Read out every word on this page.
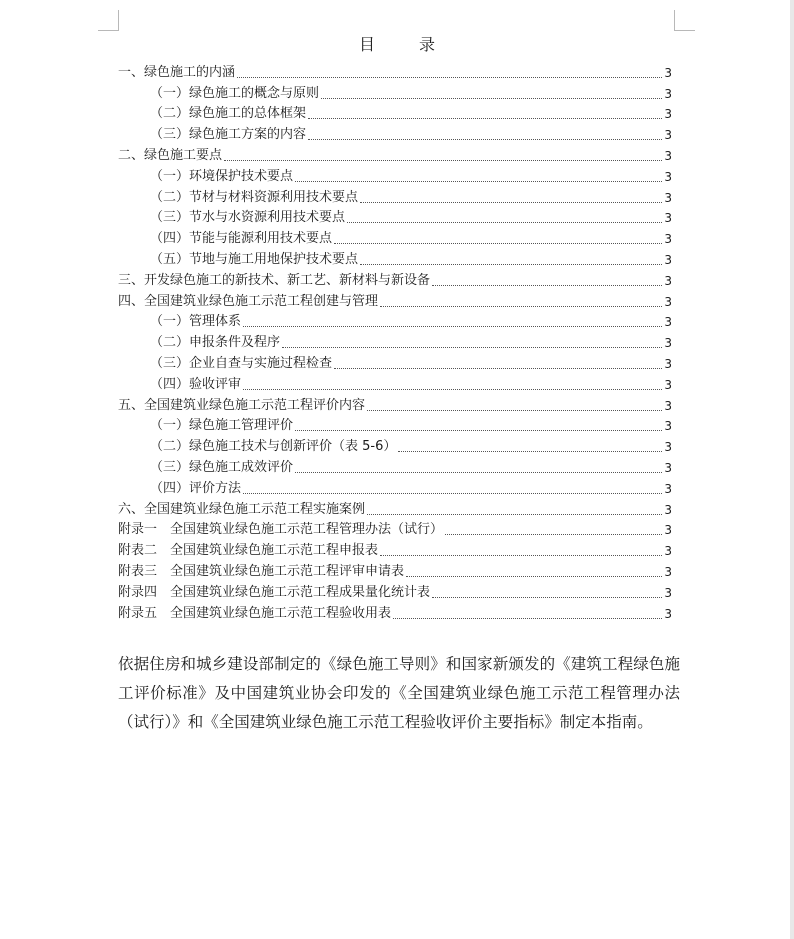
目　录
一、绿色施工的内涵	3
（一）绿色施工的概念与原则	3
（二）绿色施工的总体框架	3
（三）绿色施工方案的内容	3
二、绿色施工要点	3
（一）环境保护技术要点	3
（二）节材与材料资源利用技术要点	3
（三）节水与水资源利用技术要点	3
（四）节能与能源利用技术要点	3
（五）节地与施工用地保护技术要点	3
三、开发绿色施工的新技术、新工艺、新材料与新设备	3
四、全国建筑业绿色施工示范工程创建与管理	3
（一）管理体系	3
（二）申报条件及程序	3
（三）企业自查与实施过程检查	3
（四）验收评审	3
五、全国建筑业绿色施工示范工程评价内容	3
（一）绿色施工管理评价	3
（二）绿色施工技术与创新评价（表 5-6）	3
（三）绿色施工成效评价	3
（四）评价方法	3
六、全国建筑业绿色施工示范工程实施案例	3
附录一　全国建筑业绿色施工示范工程管理办法（试行）	3
附表二　全国建筑业绿色施工示范工程申报表	3
附表三　全国建筑业绿色施工示范工程评审申请表	3
附录四　全国建筑业绿色施工示范工程成果量化统计表	3
附录五　全国建筑业绿色施工示范工程验收用表	3
依据住房和城乡建设部制定的《绿色施工导则》和国家新颁发的《建筑工程绿色施工评价标准》及中国建筑业协会印发的《全国建筑业绿色施工示范工程管理办法（试行）》和《全国建筑业绿色施工示范工程验收评价主要指标》制定本指南。
